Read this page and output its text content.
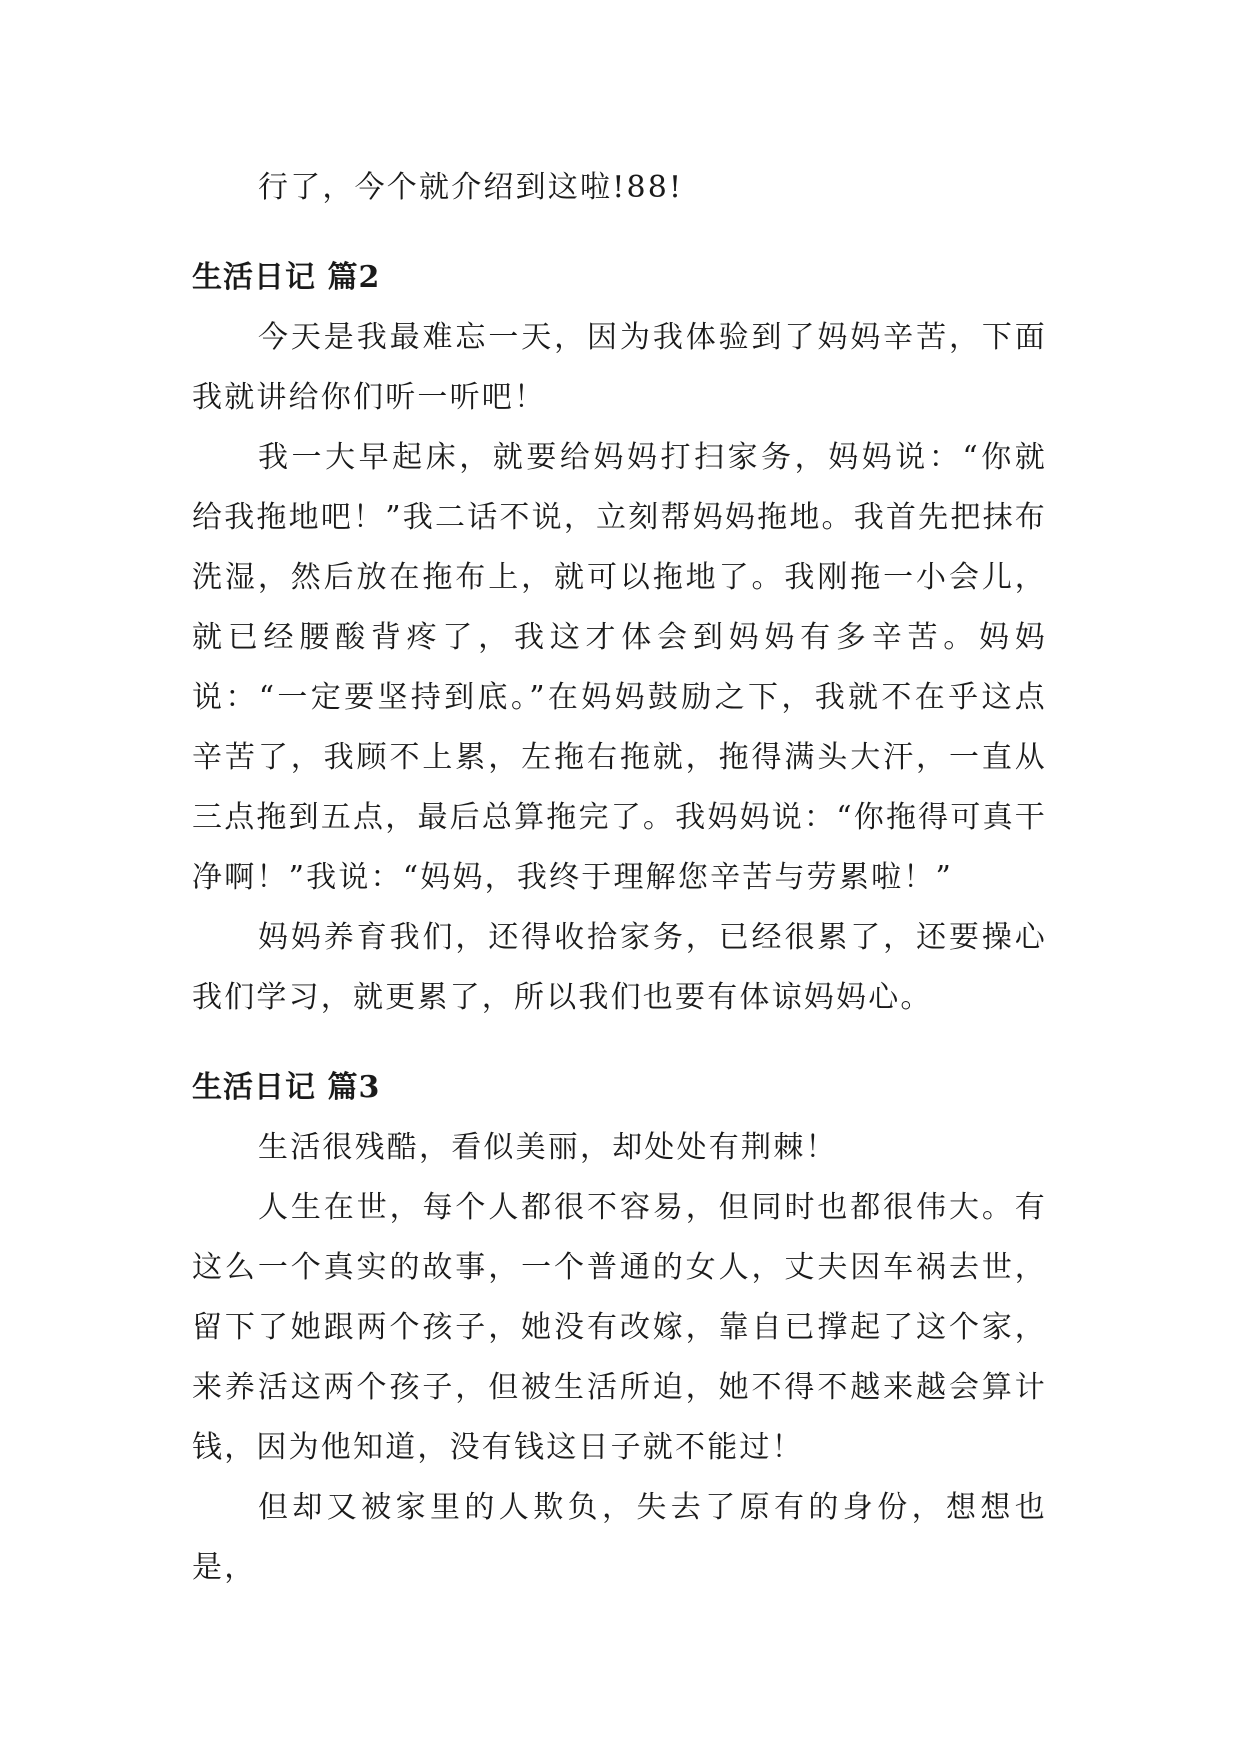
行了，今个就介绍到这啦!88!

生活日记 篇2

今天是我最难忘一天，因为我体验到了妈妈辛苦，下面我就讲给你们听一听吧！

我一大早起床，就要给妈妈打扫家务，妈妈说：“你就给我拖地吧！”我二话不说，立刻帮妈妈拖地。我首先把抹布洗湿，然后放在拖布上，就可以拖地了。我刚拖一小会儿，就已经腰酸背疼了，我这才体会到妈妈有多辛苦。妈妈说：“一定要坚持到底。”在妈妈鼓励之下，我就不在乎这点辛苦了，我顾不上累，左拖右拖就，拖得满头大汗，一直从三点拖到五点，最后总算拖完了。我妈妈说：“你拖得可真干净啊！”我说：“妈妈，我终于理解您辛苦与劳累啦！”

妈妈养育我们，还得收拾家务，已经很累了，还要操心我们学习，就更累了，所以我们也要有体谅妈妈心。

生活日记 篇3

生活很残酷，看似美丽，却处处有荆棘！

人生在世，每个人都很不容易，但同时也都很伟大。有这么一个真实的故事，一个普通的女人，丈夫因车祸去世，留下了她跟两个孩子，她没有改嫁，靠自已撑起了这个家，来养活这两个孩子，但被生活所迫，她不得不越来越会算计钱，因为他知道，没有钱这日子就不能过！

但却又被家里的人欺负，失去了原有的身份，想想也是，
